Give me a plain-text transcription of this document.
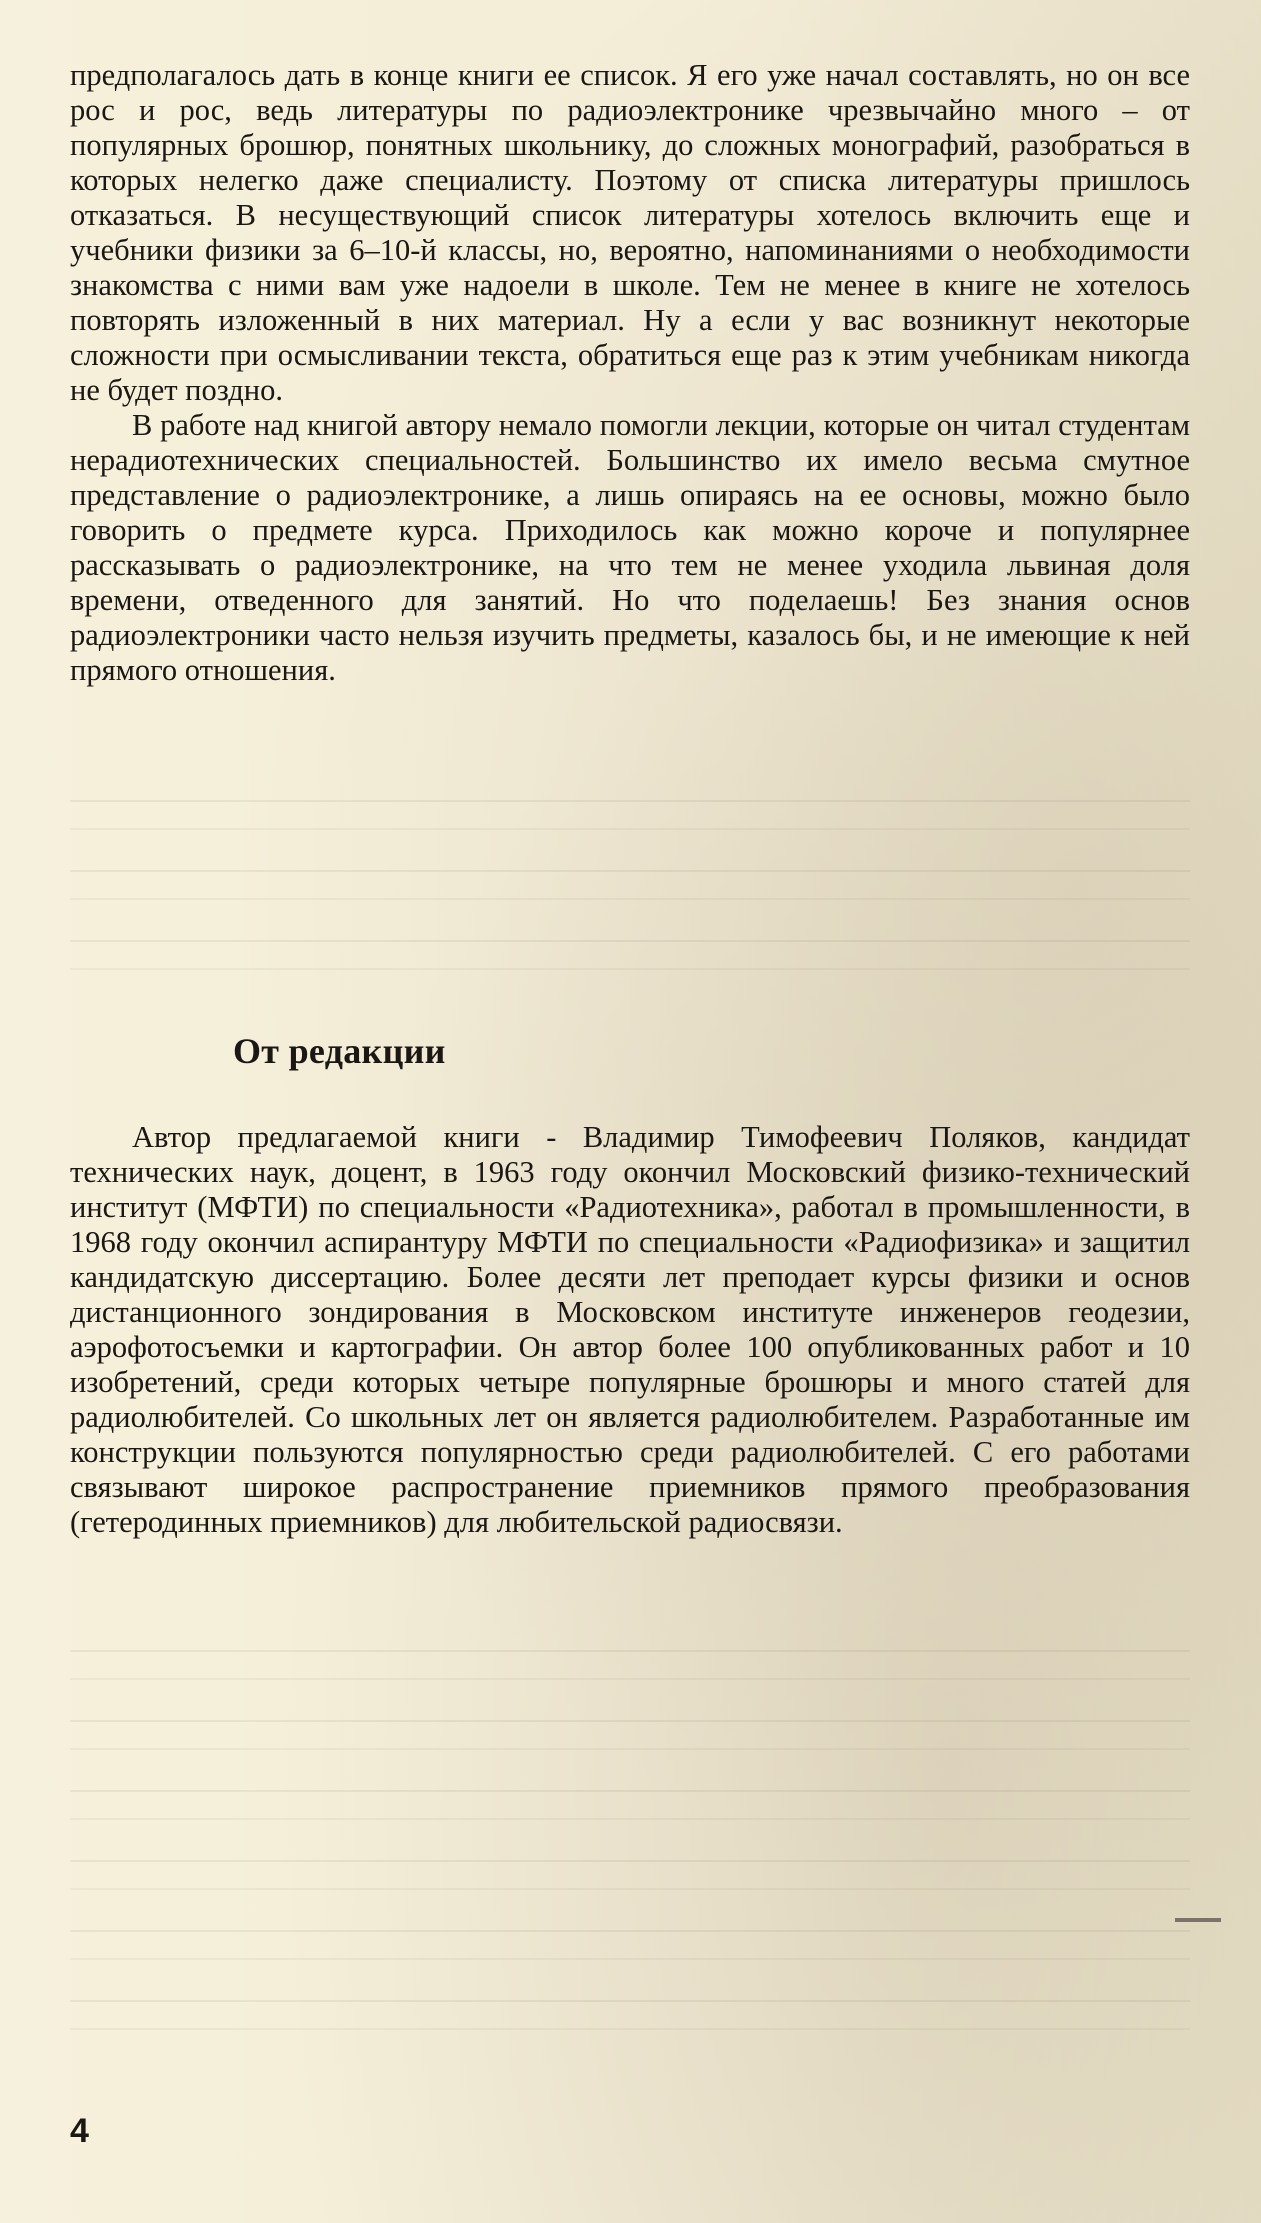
предполагалось дать в конце книги ее список. Я его уже начал составлять, но он все рос и рос, ведь литературы по радиоэлектронике чрезвычайно много – от популярных брошюр, понятных школьнику, до сложных монографий, разобраться в которых нелегко даже специалисту. Поэтому от списка литературы пришлось отказаться. В несуществующий список литературы хотелось включить еще и учебники физики за 6–10-й классы, но, вероятно, напоминаниями о необходимости знакомства с ними вам уже надоели в школе. Тем не менее в книге не хотелось повторять изложенный в них материал. Ну а если у вас возникнут некоторые сложности при осмысливании текста, обратиться еще раз к этим учебникам никогда не будет поздно.

В работе над книгой автору немало помогли лекции, которые он читал студентам нерадиотехнических специальностей. Большинство их имело весьма смутное представление о радиоэлектронике, а лишь опираясь на ее основы, можно было говорить о предмете курса. Приходилось как можно короче и популярнее рассказывать о радиоэлектронике, на что тем не менее уходила львиная доля времени, отведенного для занятий. Но что поделаешь! Без знания основ радиоэлектроники часто нельзя изучить предметы, казалось бы, и не имеющие к ней прямого отношения.

От редакции

Автор предлагаемой книги - Владимир Тимофеевич Поляков, кандидат технических наук, доцент, в 1963 году окончил Московский физико-технический институт (МФТИ) по специальности «Радиотехника», работал в промышленности, в 1968 году окончил аспирантуру МФТИ по специальности «Радиофизика» и защитил кандидатскую диссертацию. Более десяти лет преподает курсы физики и основ дистанционного зондирования в Московском институте инженеров геодезии, аэрофотосъемки и картографии. Он автор более 100 опубликованных работ и 10 изобретений, среди которых четыре популярные брошюры и много статей для радиолюбителей. Со школьных лет он является радиолюбителем. Разработанные им конструкции пользуются популярностью среди радиолюбителей. С его работами связывают широкое распространение приемников прямого преобразования (гетеродинных приемников) для любительской радиосвязи.

4
